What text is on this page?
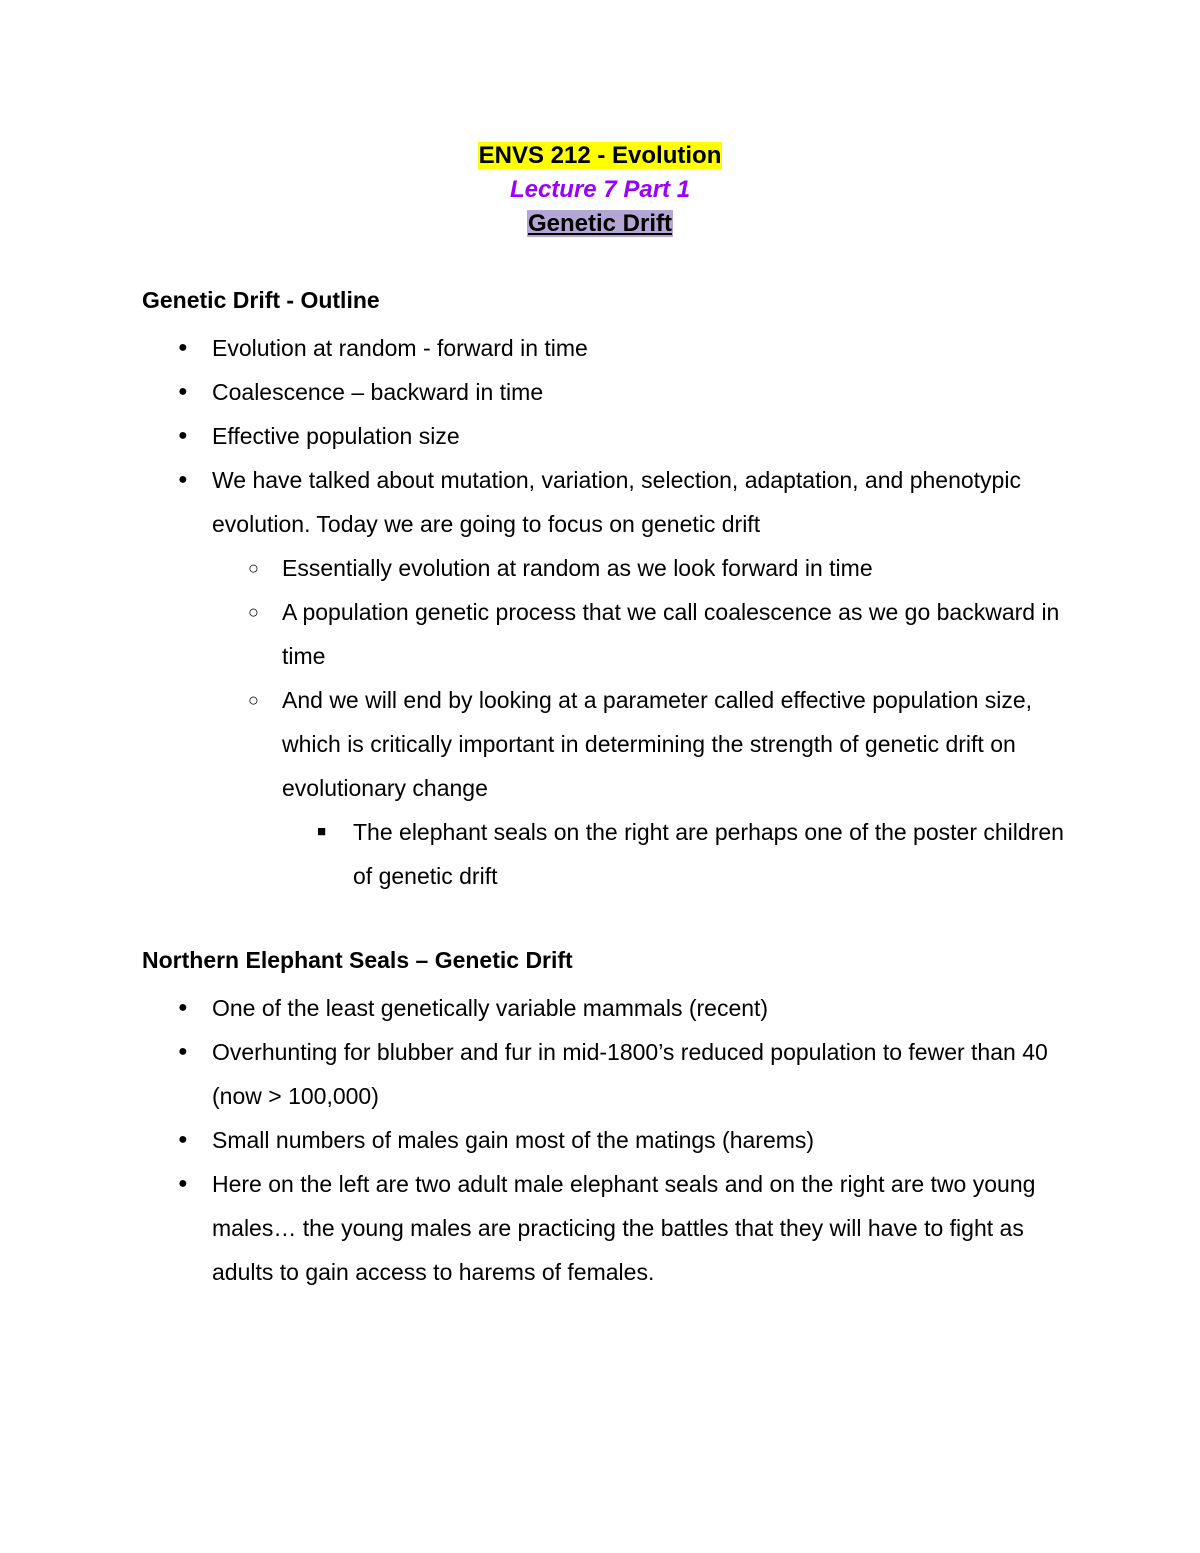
ENVS 212 - Evolution
Lecture 7 Part 1
Genetic Drift
Genetic Drift - Outline
● Evolution at random - forward in time
● Coalescence – backward in time
● Effective population size
● We have talked about mutation, variation, selection, adaptation, and phenotypic evolution. Today we are going to focus on genetic drift
○ Essentially evolution at random as we look forward in time
○ A population genetic process that we call coalescence as we go backward in time
○ And we will end by looking at a parameter called effective population size, which is critically important in determining the strength of genetic drift on evolutionary change
■ The elephant seals on the right are perhaps one of the poster children of genetic drift
Northern Elephant Seals – Genetic Drift
● One of the least genetically variable mammals (recent)
● Overhunting for blubber and fur in mid-1800’s reduced population to fewer than 40 (now > 100,000)
● Small numbers of males gain most of the matings (harems)
● Here on the left are two adult male elephant seals and on the right are two young males… the young males are practicing the battles that they will have to fight as adults to gain access to harems of females.
